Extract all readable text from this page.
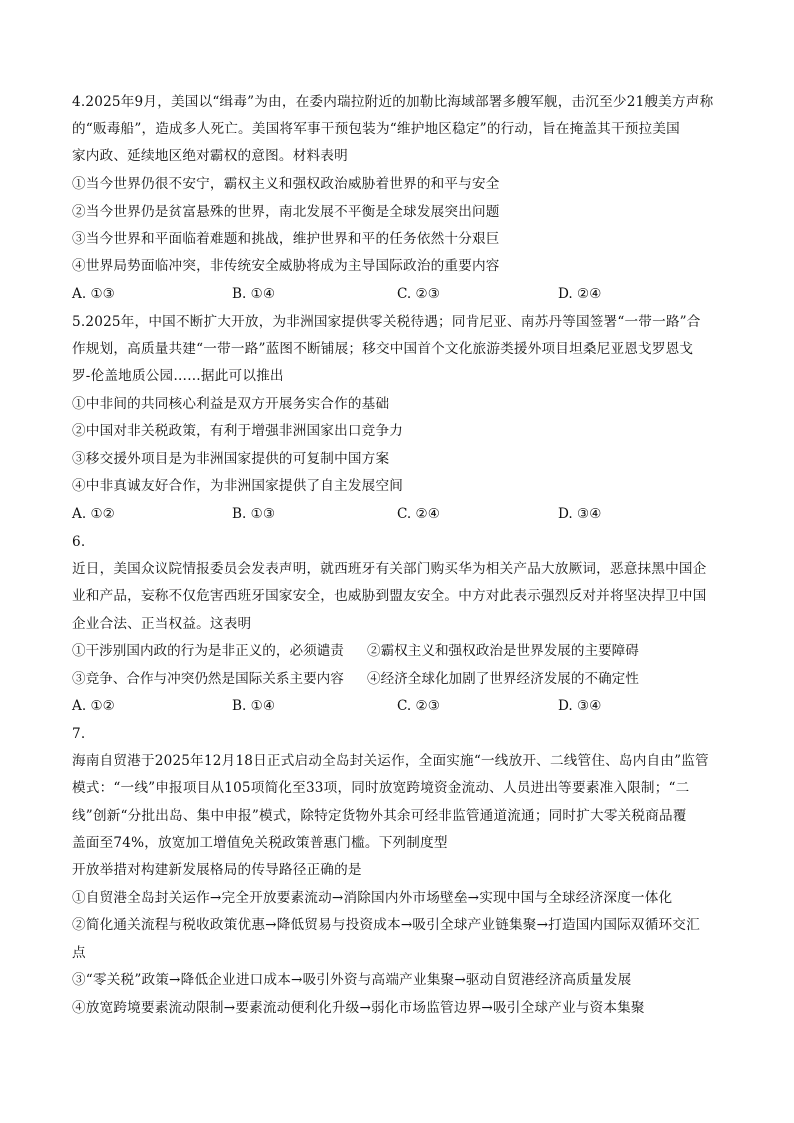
4.2025年9月，美国以“缉毒”为由，在委内瑞拉附近的加勒比海域部署多艘军舰，击沉至少21艘美方声称
的“贩毒船”，造成多人死亡。美国将军事干预包装为“维护地区稳定”的行动，旨在掩盖其干预拉美国
家内政、延续地区绝对霸权的意图。材料表明
①当今世界仍很不安宁，霸权主义和强权政治威胁着世界的和平与安全
②当今世界仍是贫富悬殊的世界，南北发展不平衡是全球发展突出问题
③当今世界和平面临着难题和挑战，维护世界和平的任务依然十分艰巨
④世界局势面临冲突，非传统安全威胁将成为主导国际政治的重要内容
A. ①③	B. ①④	C. ②③	D. ②④
5.2025年，中国不断扩大开放，为非洲国家提供零关税待遇；同肯尼亚、南苏丹等国签署“一带一路”合
作规划，高质量共建“一带一路”蓝图不断铺展；移交中国首个文化旅游类援外项目坦桑尼亚恩戈罗恩戈
罗-伦盖地质公园……据此可以推出
①中非间的共同核心利益是双方开展务实合作的基础
②中国对非关税政策，有利于增强非洲国家出口竞争力
③移交援外项目是为非洲国家提供的可复制中国方案
④中非真诚友好合作，为非洲国家提供了自主发展空间
A. ①②	B. ①③	C. ②④	D. ③④
6.
近日，美国众议院情报委员会发表声明，就西班牙有关部门购买华为相关产品大放厥词，恶意抹黑中国企
业和产品，妄称不仅危害西班牙国家安全，也威胁到盟友安全。中方对此表示强烈反对并将坚决捍卫中国
企业合法、正当权益。这表明
①干涉别国内政的行为是非正义的，必须谴责 ②霸权主义和强权政治是世界发展的主要障碍
③竞争、合作与冲突仍然是国际关系主要内容 ④经济全球化加剧了世界经济发展的不确定性
A. ①②	B. ①④	C. ②③	D. ③④
7.
海南自贸港于2025年12月18日正式启动全岛封关运作，全面实施“一线放开、二线管住、岛内自由”监管
模式：“一线”申报项目从105项简化至33项，同时放宽跨境资金流动、人员进出等要素准入限制；“二
线”创新“分批出岛、集中申报”模式，除特定货物外其余可经非监管通道流通；同时扩大零关税商品覆
盖面至74%，放宽加工增值免关税政策普惠门槛。下列制度型
开放举措对构建新发展格局的传导路径正确的是
①自贸港全岛封关运作→完全开放要素流动→消除国内外市场壁垒→实现中国与全球经济深度一体化
②简化通关流程与税收政策优惠→降低贸易与投资成本→吸引全球产业链集聚→打造国内国际双循环交汇
点
③“零关税”政策→降低企业进口成本→吸引外资与高端产业集聚→驱动自贸港经济高质量发展
④放宽跨境要素流动限制→要素流动便利化升级→弱化市场监管边界→吸引全球产业与资本集聚
